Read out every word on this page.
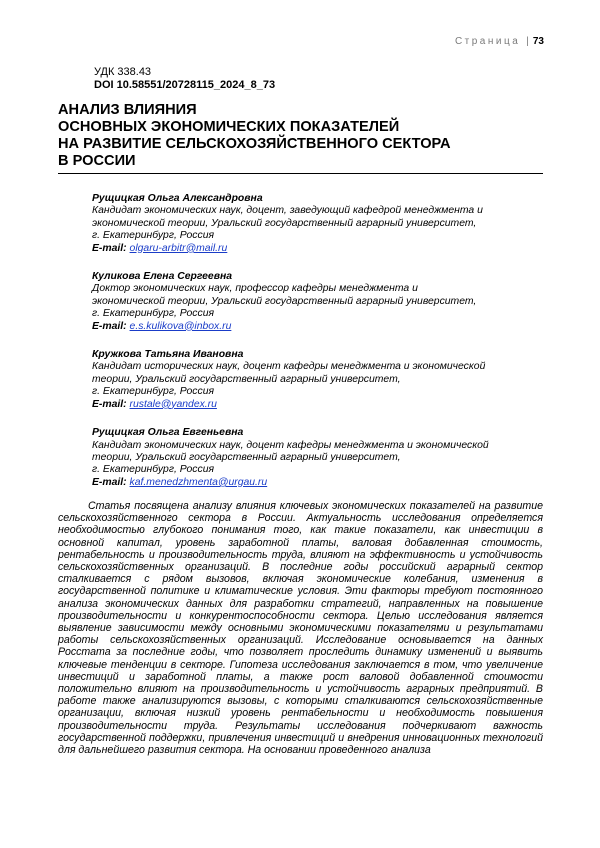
Страница | 73
УДК 338.43
DOI 10.58551/20728115_2024_8_73
АНАЛИЗ ВЛИЯНИЯ
ОСНОВНЫХ ЭКОНОМИЧЕСКИХ ПОКАЗАТЕЛЕЙ
НА РАЗВИТИЕ СЕЛЬСКОХОЗЯЙСТВЕННОГО СЕКТОРА
В РОССИИ
Рущицкая Ольга Александровна
Кандидат экономических наук, доцент, заведующий кафедрой менеджмента и
экономической теории, Уральский государственный аграрный университет,
г. Екатеринбург, Россия
E-mail: olgaru-arbitr@mail.ru
Куликова Елена Сергеевна
Доктор экономических наук, профессор кафедры менеджмента и
экономической теории, Уральский государственный аграрный университет,
г. Екатеринбург, Россия
E-mail: e.s.kulikova@inbox.ru
Кружкова Татьяна Ивановна
Кандидат исторических наук, доцент кафедры менеджмента и экономической
теории, Уральский государственный аграрный университет,
г. Екатеринбург, Россия
E-mail: rustale@yandex.ru
Рущицкая Ольга Евгеньевна
Кандидат экономических наук, доцент кафедры менеджмента и экономической
теории, Уральский государственный аграрный университет,
г. Екатеринбург, Россия
E-mail: kaf.menedzhmenta@urgau.ru

Статья посвящена анализу влияния ключевых экономических показателей на развитие сельскохозяйственного сектора в России. Актуальность исследования определяется необходимостью глубокого понимания того, как такие показатели, как инвестиции в основной капитал, уровень заработной платы, валовая добавленная стоимость, рентабельность и производительность труда, влияют на эффективность и устойчивость сельскохозяйственных организаций. В последние годы российский аграрный сектор сталкивается с рядом вызовов, включая экономические колебания, изменения в государственной политике и климатические условия. Эти факторы требуют постоянного анализа экономических данных для разработки стратегий, направленных на повышение производительности и конкурентоспособности сектора. Целью исследования является выявление зависимости между основными экономическими показателями и результатами работы сельскохозяйственных организаций. Исследование основывается на данных Росстата за последние годы, что позволяет проследить динамику изменений и выявить ключевые тенденции в секторе. Гипотеза исследования заключается в том, что увеличение инвестиций и заработной платы, а также рост валовой добавленной стоимости положительно влияют на производительность и устойчивость аграрных предприятий. В работе также анализируются вызовы, с которыми сталкиваются сельскохозяйственные организации, включая низкий уровень рентабельности и необходимость повышения производительности труда. Результаты исследования подчеркивают важность государственной поддержки, привлечения инвестиций и внедрения инновационных технологий для дальнейшего развития сектора. На основании проведенного анализа
